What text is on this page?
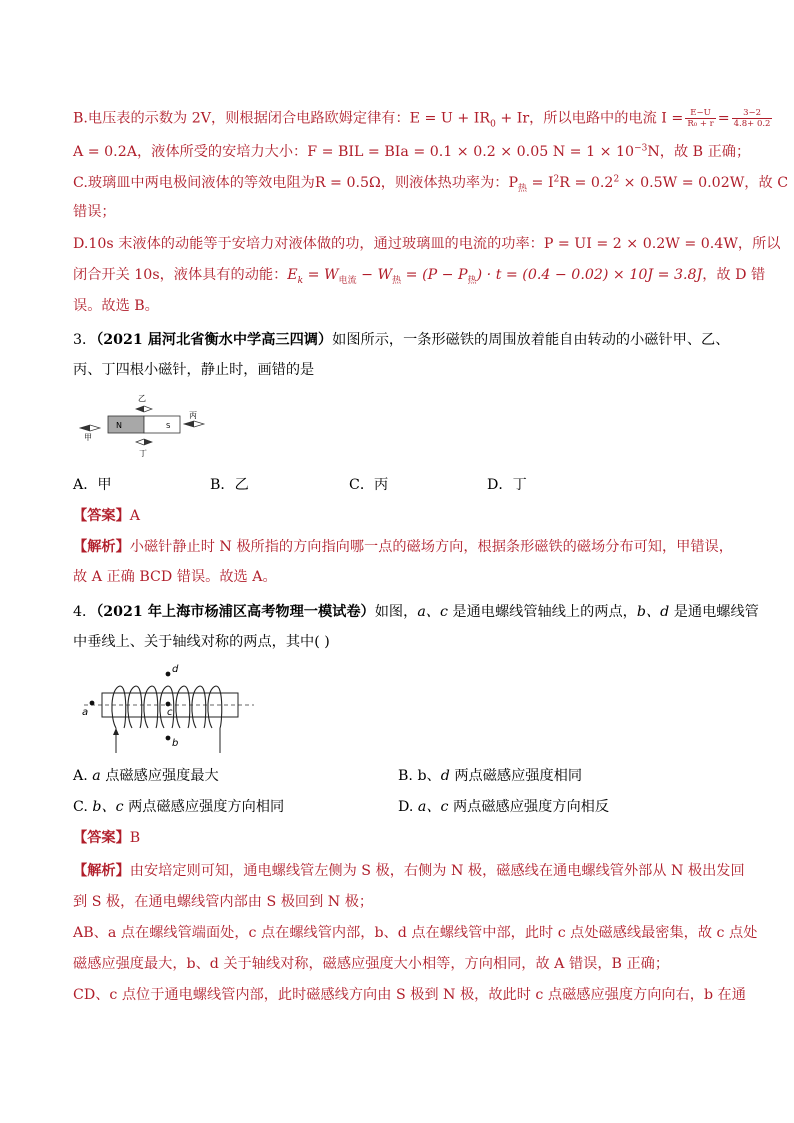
B.电压表的示数为 2V，则根据闭合电路欧姆定律有：$E = U + IR_0 + Ir$，所以电路中的电流 $I = \frac{E-U}{\text{R₀ + r}} = \frac{3-2}{4.8+ 0.2}$
A = 0.2A，液体所受的安培力大小：F = BIL = BIa = 0.1 × 0.2 × 0.05 $N = 1 \times 10^{-3}N$，故 B 正确；
C.玻璃皿中两电极间液体的等效电阻为R = 0.5Ω，则液体热功率为：$P_热 = I^2R = 0.2^2 \times 0.5W = 0.02W$，故 C
错误；
D.10s 末液体的动能等于安培力对液体做的功，通过玻璃皿的电流的功率：P = UI = 2 × 0.2W = 0.4W，所以
闭合开关 10s，液体具有的动能：$E_k = W_{电流} - W_热 = (P - P_热) \cdot t = (0.4 - 0.02) \times 10J = 3.8J$，故 D 错
误。故选 B。
3．（2021 届河北省衡水中学高三四调）如图所示，一条形磁铁的周围放着能自由转动的小磁针甲、乙、
丙、丁四根小磁针，静止时，画错的是
N	S
乙
丙
甲
丁
A．甲	B．乙	C．丙	D．丁
【答案】A
【解析】小磁针静止时 N 极所指的方向指向哪一点的磁场方向，根据条形磁铁的磁场分布可知，甲错误，
故 A 正确 BCD 错误。故选 A。
4．（2021 年上海市杨浦区高考物理一模试卷）如图，a、c 是通电螺线管轴线上的两点，b、d 是通电螺线管
中垂线上、关于轴线对称的两点，其中( )
a
d
c
b
A. a 点磁感应强度最大	B. b、d 两点磁感应强度相同
C. b、c 两点磁感应强度方向相同	D. a、c 两点磁感应强度方向相反
【答案】B
【解析】由安培定则可知，通电螺线管左侧为 S 极，右侧为 N 极，磁感线在通电螺线管外部从 N 极出发回
到 S 极，在通电螺线管内部由 S 极回到 N 极；
AB、a 点在螺线管端面处，c 点在螺线管内部，b、d 点在螺线管中部，此时 c 点处磁感线最密集，故 c 点处
磁感应强度最大，b、d 关于轴线对称，磁感应强度大小相等，方向相同，故 A 错误，B 正确；
CD、c 点位于通电螺线管内部，此时磁感线方向由 S 极到 N 极，故此时 c 点磁感应强度方向向右，b 在通
